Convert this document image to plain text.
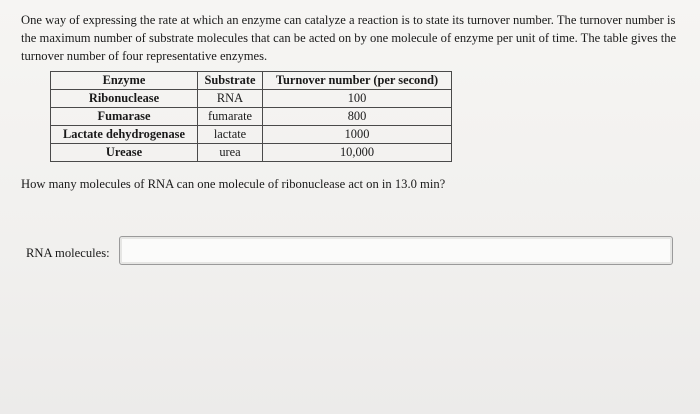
One way of expressing the rate at which an enzyme can catalyze a reaction is to state its turnover number. The turnover number is the maximum number of substrate molecules that can be acted on by one molecule of enzyme per unit of time. The table gives the turnover number of four representative enzymes.

Enzyme	Substrate	Turnover number (per second)
Ribonuclease	RNA	100
Fumarase	fumarate	800
Lactate dehydrogenase	lactate	1000
Urease	urea	10,000

How many molecules of RNA can one molecule of ribonuclease act on in 13.0 min?

RNA molecules:
